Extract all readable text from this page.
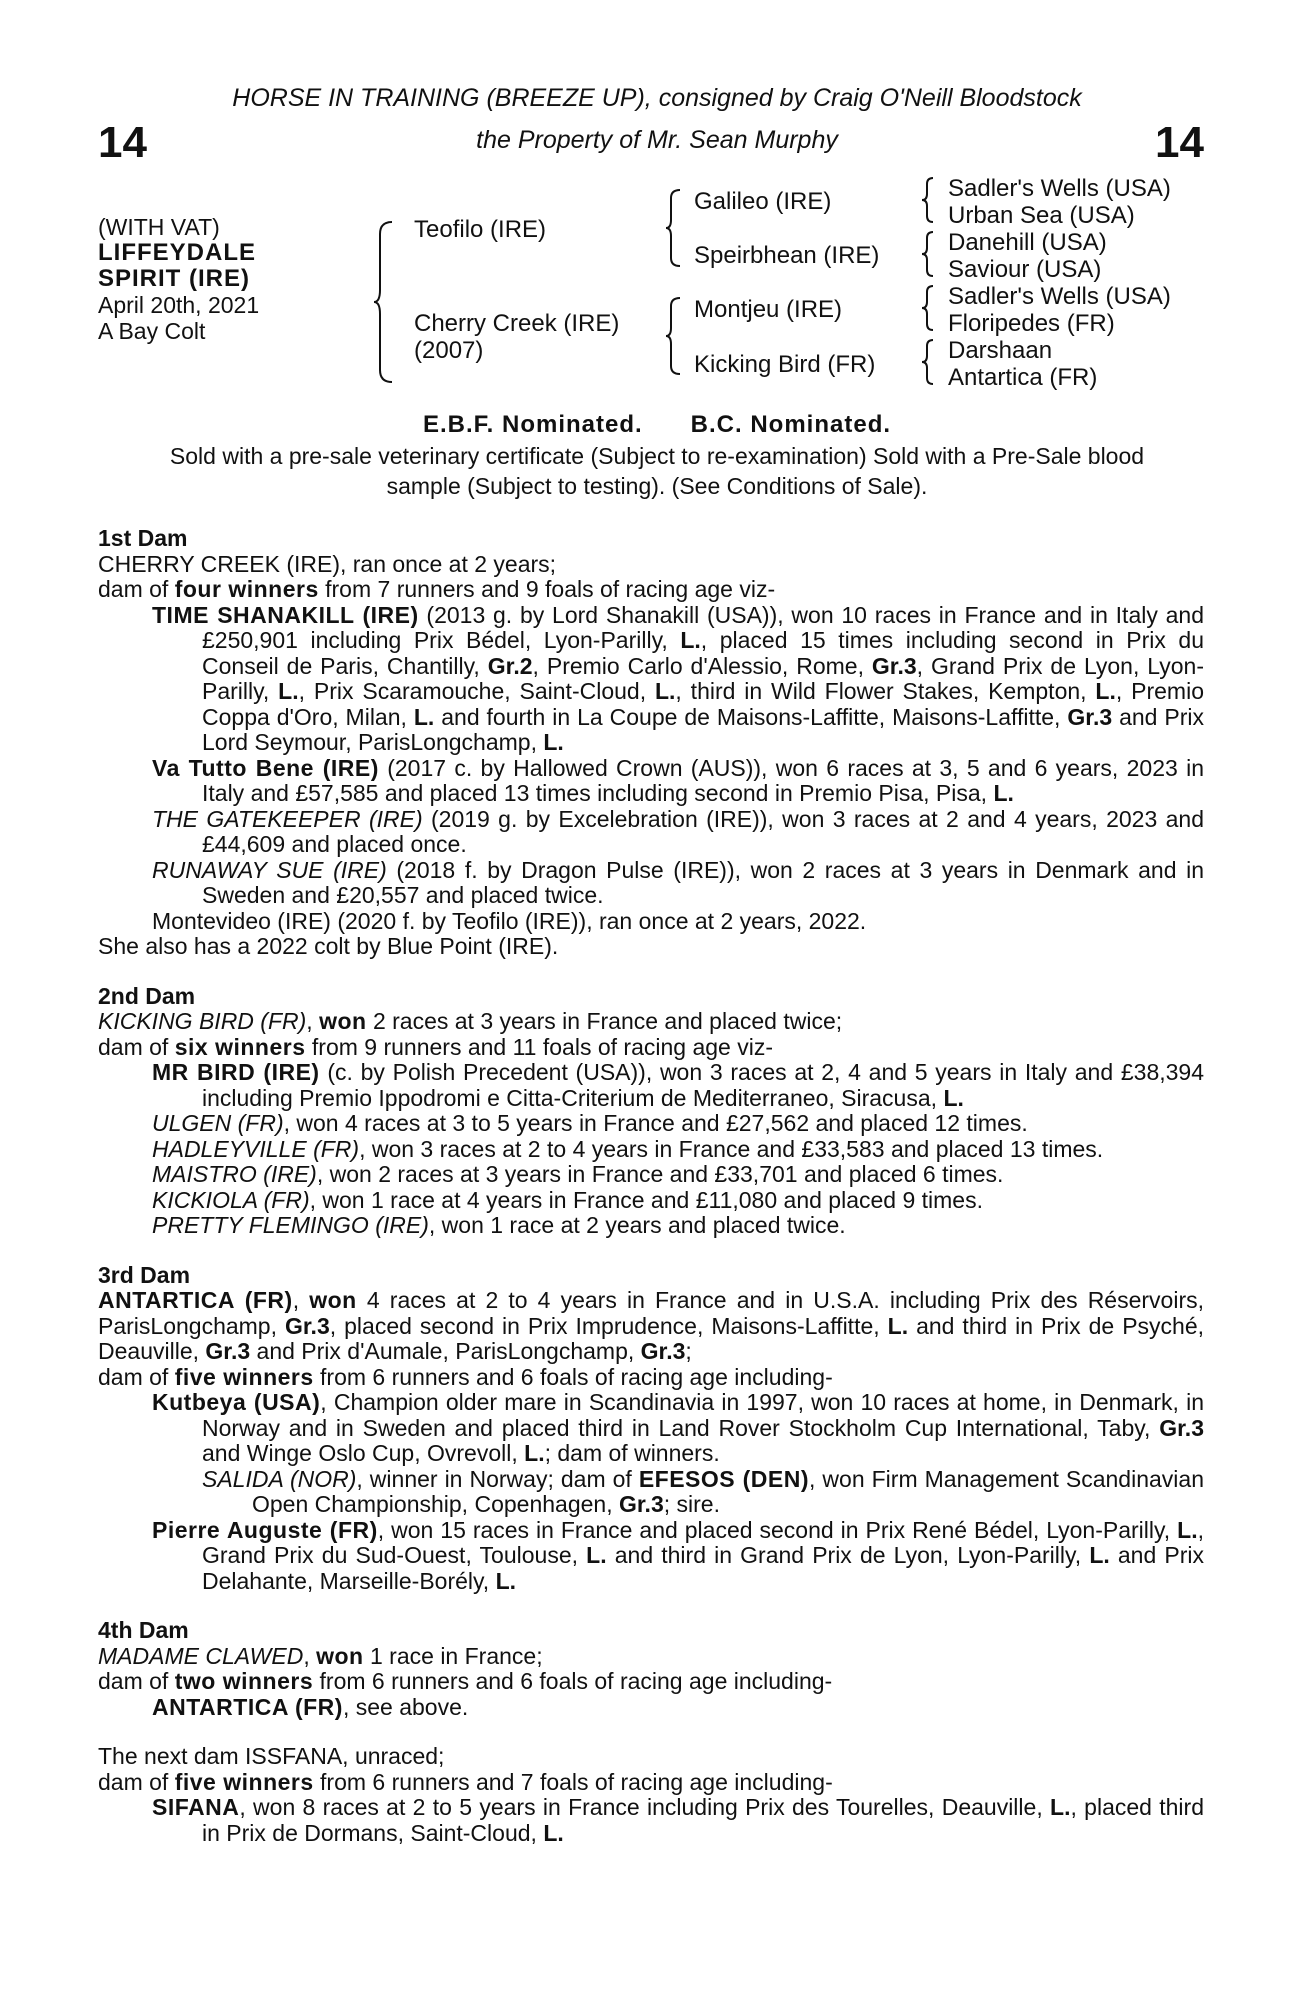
HORSE IN TRAINING (BREEZE UP), consigned by Craig O'Neill Bloodstock
the Property of Mr. Sean Murphy
14	14
(WITH VAT)
LIFFEYDALE
SPIRIT (IRE)
April 20th, 2021
A Bay Colt
Teofilo (IRE)
Cherry Creek (IRE)
(2007)
Galileo (IRE)
Speirbhean (IRE)
Montjeu (IRE)
Kicking Bird (FR)
Sadler's Wells (USA)
Urban Sea (USA)
Danehill (USA)
Saviour (USA)
Sadler's Wells (USA)
Floripedes (FR)
Darshaan
Antartica (FR)
E.B.F. Nominated. B.C. Nominated.
Sold with a pre-sale veterinary certificate (Subject to re-examination) Sold with a Pre-Sale blood
sample (Subject to testing). (See Conditions of Sale).
1st Dam
CHERRY CREEK (IRE), ran once at 2 years;
dam of four winners from 7 runners and 9 foals of racing age viz-
TIME SHANAKILL (IRE) (2013 g. by Lord Shanakill (USA)), won 10 races in France and in Italy and £250,901 including Prix Bédel, Lyon-Parilly, L., placed 15 times including second in Prix du Conseil de Paris, Chantilly, Gr.2, Premio Carlo d'Alessio, Rome, Gr.3, Grand Prix de Lyon, Lyon-Parilly, L., Prix Scaramouche, Saint-Cloud, L., third in Wild Flower Stakes, Kempton, L., Premio Coppa d'Oro, Milan, L. and fourth in La Coupe de Maisons-Laffitte, Maisons-Laffitte, Gr.3 and Prix Lord Seymour, ParisLongchamp, L.
Va Tutto Bene (IRE) (2017 c. by Hallowed Crown (AUS)), won 6 races at 3, 5 and 6 years, 2023 in Italy and £57,585 and placed 13 times including second in Premio Pisa, Pisa, L.
THE GATEKEEPER (IRE) (2019 g. by Excelebration (IRE)), won 3 races at 2 and 4 years, 2023 and £44,609 and placed once.
RUNAWAY SUE (IRE) (2018 f. by Dragon Pulse (IRE)), won 2 races at 3 years in Denmark and in Sweden and £20,557 and placed twice.
Montevideo (IRE) (2020 f. by Teofilo (IRE)), ran once at 2 years, 2022.
She also has a 2022 colt by Blue Point (IRE).
2nd Dam
KICKING BIRD (FR), won 2 races at 3 years in France and placed twice;
dam of six winners from 9 runners and 11 foals of racing age viz-
MR BIRD (IRE) (c. by Polish Precedent (USA)), won 3 races at 2, 4 and 5 years in Italy and £38,394 including Premio Ippodromi e Citta-Criterium de Mediterraneo, Siracusa, L.
ULGEN (FR), won 4 races at 3 to 5 years in France and £27,562 and placed 12 times.
HADLEYVILLE (FR), won 3 races at 2 to 4 years in France and £33,583 and placed 13 times.
MAISTRO (IRE), won 2 races at 3 years in France and £33,701 and placed 6 times.
KICKIOLA (FR), won 1 race at 4 years in France and £11,080 and placed 9 times.
PRETTY FLEMINGO (IRE), won 1 race at 2 years and placed twice.
3rd Dam
ANTARTICA (FR), won 4 races at 2 to 4 years in France and in U.S.A. including Prix des Réservoirs, ParisLongchamp, Gr.3, placed second in Prix Imprudence, Maisons-Laffitte, L. and third in Prix de Psyché, Deauville, Gr.3 and Prix d'Aumale, ParisLongchamp, Gr.3;
dam of five winners from 6 runners and 6 foals of racing age including-
Kutbeya (USA), Champion older mare in Scandinavia in 1997, won 10 races at home, in Denmark, in Norway and in Sweden and placed third in Land Rover Stockholm Cup International, Taby, Gr.3 and Winge Oslo Cup, Ovrevoll, L.; dam of winners.
SALIDA (NOR), winner in Norway; dam of EFESOS (DEN), won Firm Management Scandinavian Open Championship, Copenhagen, Gr.3; sire.
Pierre Auguste (FR), won 15 races in France and placed second in Prix René Bédel, Lyon-Parilly, L., Grand Prix du Sud-Ouest, Toulouse, L. and third in Grand Prix de Lyon, Lyon-Parilly, L. and Prix Delahante, Marseille-Borély, L.
4th Dam
MADAME CLAWED, won 1 race in France;
dam of two winners from 6 runners and 6 foals of racing age including-
ANTARTICA (FR), see above.
The next dam ISSFANA, unraced;
dam of five winners from 6 runners and 7 foals of racing age including-
SIFANA, won 8 races at 2 to 5 years in France including Prix des Tourelles, Deauville, L., placed third in Prix de Dormans, Saint-Cloud, L.
